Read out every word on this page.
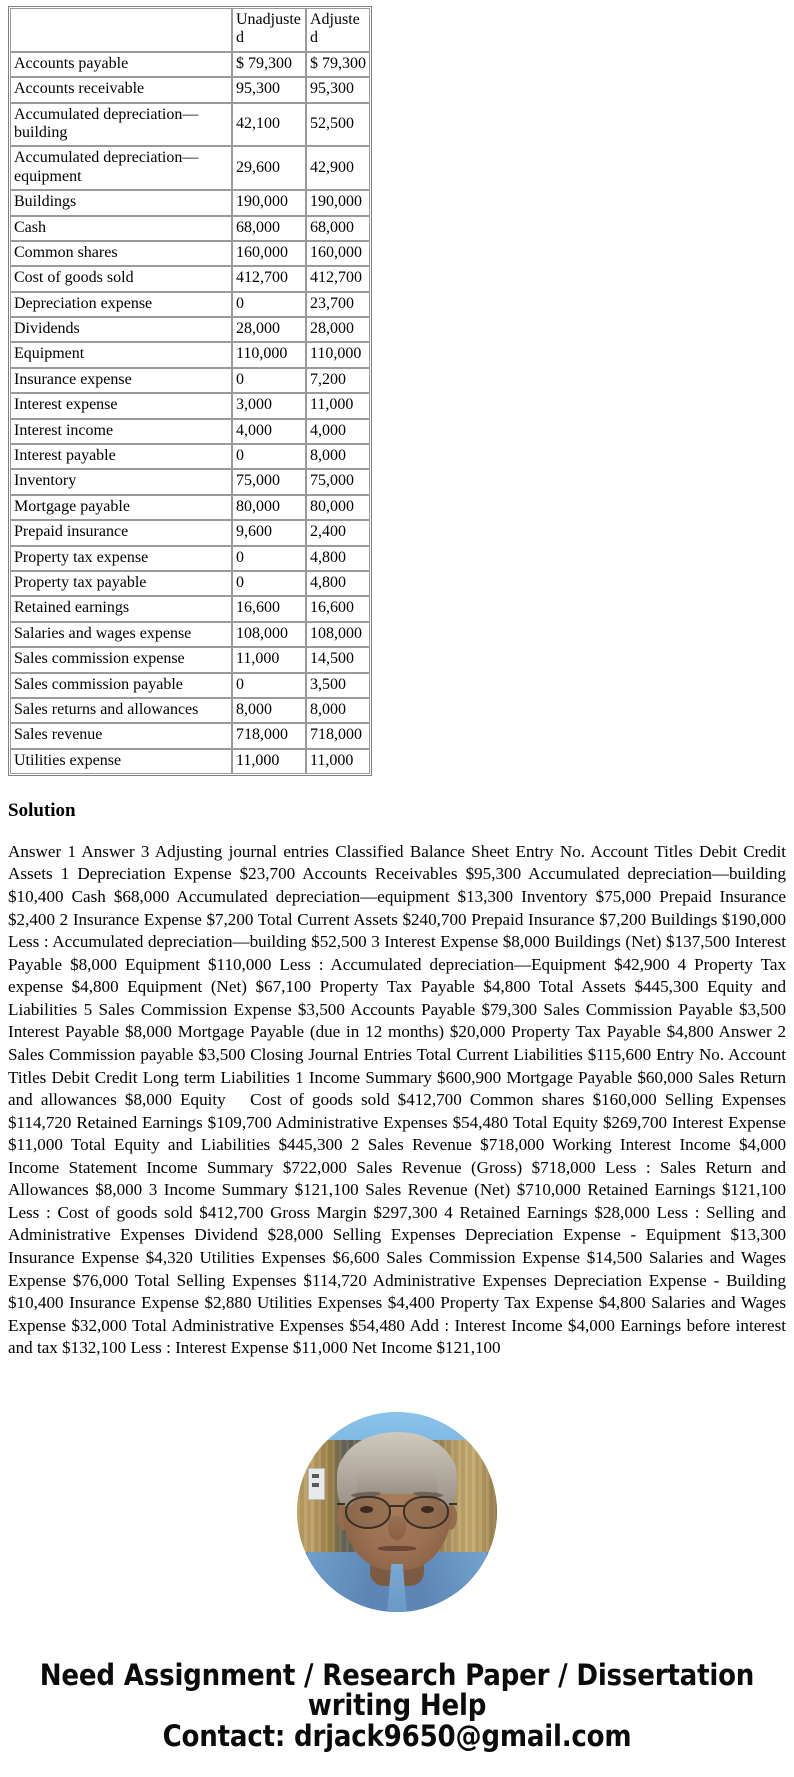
	Unadjusted	Adjusted
Accounts payable	$ 79,300	$ 79,300
Accounts receivable	95,300	95,300
Accumulated depreciation—building	42,100	52,500
Accumulated depreciation—equipment	29,600	42,900
Buildings	190,000	190,000
Cash	68,000	68,000
Common shares	160,000	160,000
Cost of goods sold	412,700	412,700
Depreciation expense	0	23,700
Dividends	28,000	28,000
Equipment	110,000	110,000
Insurance expense	0	7,200
Interest expense	3,000	11,000
Interest income	4,000	4,000
Interest payable	0	8,000
Inventory	75,000	75,000
Mortgage payable	80,000	80,000
Prepaid insurance	9,600	2,400
Property tax expense	0	4,800
Property tax payable	0	4,800
Retained earnings	16,600	16,600
Salaries and wages expense	108,000	108,000
Sales commission expense	11,000	14,500
Sales commission payable	0	3,500
Sales returns and allowances	8,000	8,000
Sales revenue	718,000	718,000
Utilities expense	11,000	11,000
Solution

Answer 1 Answer 3 Adjusting journal entries Classified Balance Sheet Entry No. Account Titles Debit Credit Assets 1 Depreciation Expense $23,700 Accounts Receivables $95,300 Accumulated depreciation—building $10,400 Cash $68,000 Accumulated depreciation—equipment $13,300 Inventory $75,000 Prepaid Insurance $2,400 2 Insurance Expense $7,200 Total Current Assets $240,700 Prepaid Insurance $7,200 Buildings $190,000 Less : Accumulated depreciation—building $52,500 3 Interest Expense $8,000 Buildings (Net) $137,500 Interest Payable $8,000 Equipment $110,000 Less : Accumulated depreciation—Equipment $42,900 4 Property Tax expense $4,800 Equipment (Net) $67,100 Property Tax Payable $4,800 Total Assets $445,300 Equity and Liabilities 5 Sales Commission Expense $3,500 Accounts Payable $79,300 Sales Commission Payable $3,500 Interest Payable $8,000 Mortgage Payable (due in 12 months) $20,000 Property Tax Payable $4,800 Answer 2 Sales Commission payable $3,500 Closing Journal Entries Total Current Liabilities $115,600 Entry No. Account Titles Debit Credit Long term Liabilities 1 Income Summary $600,900 Mortgage Payable $60,000 Sales Return and allowances $8,000 Equity   Cost of goods sold $412,700 Common shares $160,000 Selling Expenses $114,720 Retained Earnings $109,700 Administrative Expenses $54,480 Total Equity $269,700 Interest Expense $11,000 Total Equity and Liabilities $445,300 2 Sales Revenue $718,000 Working Interest Income $4,000 Income Statement Income Summary $722,000 Sales Revenue (Gross) $718,000 Less : Sales Return and Allowances $8,000 3 Income Summary $121,100 Sales Revenue (Net) $710,000 Retained Earnings $121,100 Less : Cost of goods sold $412,700 Gross Margin $297,300 4 Retained Earnings $28,000 Less : Selling and Administrative Expenses Dividend $28,000 Selling Expenses Depreciation Expense - Equipment $13,300 Insurance Expense $4,320 Utilities Expenses $6,600 Sales Commission Expense $14,500 Salaries and Wages Expense $76,000 Total Selling Expenses $114,720 Administrative Expenses Depreciation Expense - Building $10,400 Insurance Expense $2,880 Utilities Expenses $4,400 Property Tax Expense $4,800 Salaries and Wages Expense $32,000 Total Administrative Expenses $54,480 Add : Interest Income $4,000 Earnings before interest and tax $132,100 Less : Interest Expense $11,000 Net Income $121,100

Need Assignment / Research Paper / Dissertation
writing Help
Contact: drjack9650@gmail.com
